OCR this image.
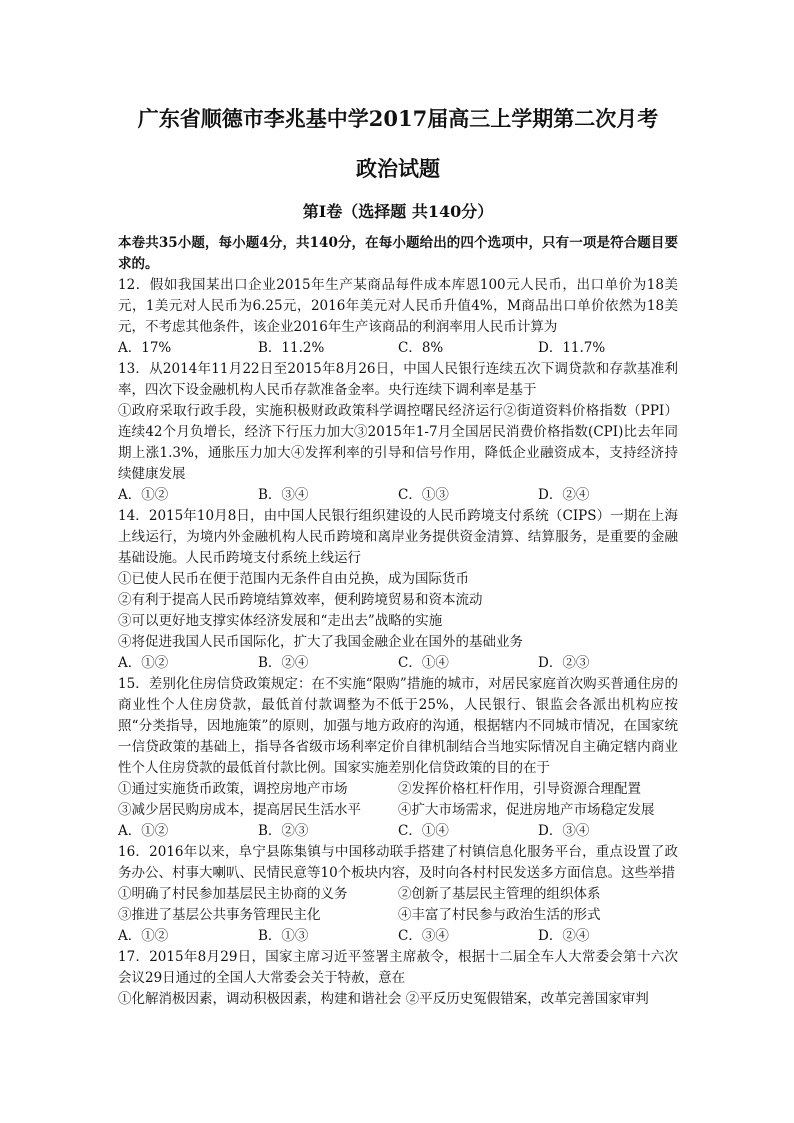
广东省顺德市李兆基中学2017届高三上学期第二次月考

政治试题

第I卷（选择题 共140分）

本卷共35小题，每小题4分，共140分，在每小题给出的四个选项中，只有一项是符合题目要求的。

12．假如我国某出口企业2015年生产某商品每件成本库恩100元人民币，出口单价为18美元，1美元对人民币为6.25元，2016年美元对人民币升值4%，M商品出口单价依然为18美元，不考虑其他条件，该企业2016年生产该商品的利润率用人民币计算为

A．17%	B．11.2%	C．8%	D．11.7%

13．从2014年11月22日至2015年8月26日，中国人民银行连续五次下调贷款和存款基准利率，四次下设金融机构人民币存款准备金率。央行连续下调利率是基于

①政府采取行政手段，实施积极财政政策科学调控曙民经济运行②街道资料价格指数（PPI）连续42个月负增长，经济下行压力加大③2015年1-7月全国居民消费价格指数(CPI)比去年同期上涨1.3%，通胀压力加大④发挥利率的引导和信号作用，降低企业融资成本，支持经济持续健康发展

A．①②	B．③④	C．①③	D．②④

14．2015年10月8日，由中国人民银行组织建设的人民币跨境支付系统（CIPS）一期在上海上线运行，为境内外金融机构人民币跨境和离岸业务提供资金清算、结算服务，是重要的金融基础设施。人民币跨境支付系统上线运行

①已使人民币在便于范围内无条件自由兑换，成为国际货币

②有利于提高人民币跨境结算效率，便利跨境贸易和资本流动

③可以更好地支撑实体经济发展和“走出去”战略的实施

④将促进我国人民币国际化，扩大了我国金融企业在国外的基础业务

A．①②	B．②④	C．①④	D．②③

15．差别化住房信贷政策规定：在不实施“限购”措施的城市，对居民家庭首次购买普通住房的商业性个人住房贷款，最低首付款调整为不低于25%，人民银行、银监会各派出机构应按照“分类指导，因地施策”的原则，加强与地方政府的沟通，根据辖内不同城市情况，在国家统一信贷政策的基础上，指导各省级市场利率定价自律机制结合当地实际情况自主确定辖内商业性个人住房贷款的最低首付款比例。国家实施差别化信贷政策的目的在于

①通过实施货币政策，调控房地产市场	②发挥价格杠杆作用，引导资源合理配置
③减少居民购房成本，提高居民生活水平	④扩大市场需求，促进房地产市场稳定发展
A．①②	B．②③	C．①④	D．③④

16．2016年以来，阜宁县陈集镇与中国移动联手搭建了村镇信息化服务平台，重点设置了政务办公、村事大喇叭、民情民意等10个板块内容，及时向各村村民发送多方面信息。这些举措

①明确了村民参加基层民主协商的义务	②创新了基层民主管理的组织体系
③推进了基层公共事务管理民主化	④丰富了村民参与政治生活的形式
A．①②	B．①③	C．③④	D．②④

17．2015年8月29日，国家主席习近平签署主席赦令，根据十二届全车人大常委会第十六次会议29日通过的全国人大常委会关于特赦，意在

①化解消极因素，调动积极因素，构建和谐社会 ②平反历史冤假错案，改革完善国家审判
